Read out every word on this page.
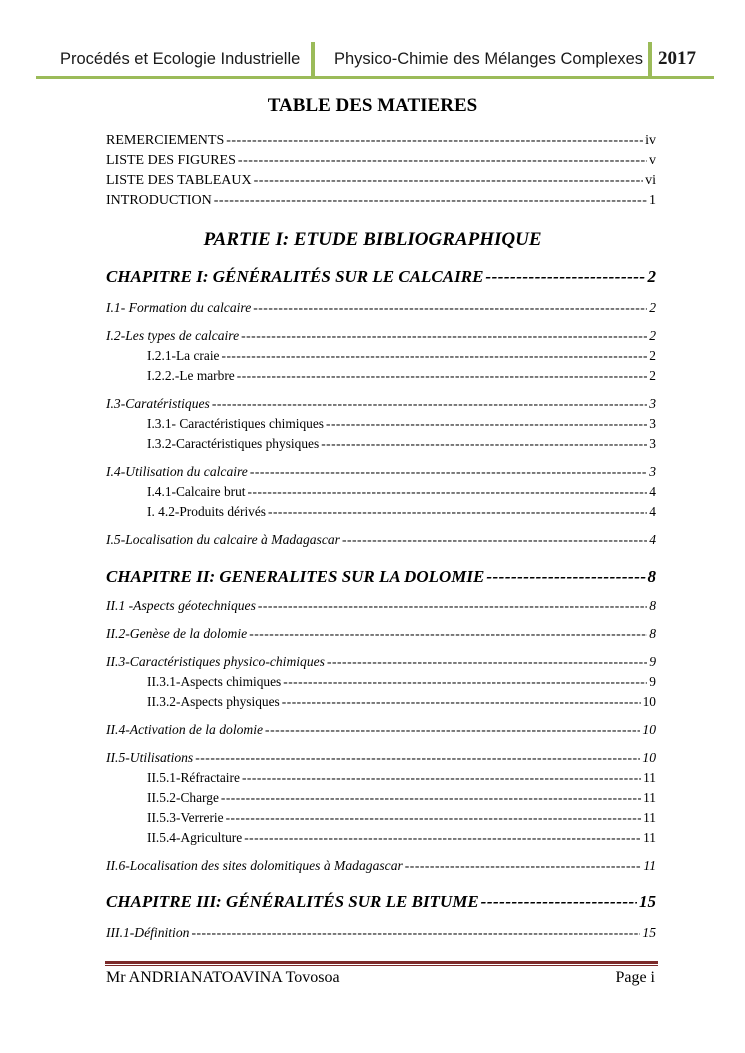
Procédés et Ecologie Industrielle Physico-Chimie des Mélanges Complexes 2017
TABLE DES MATIERES
REMERCIEMENTS -----	iv
LISTE DES FIGURES -----	v
LISTE DES TABLEAUX -----	vi
INTRODUCTION -----	1
PARTIE I: ETUDE BIBLIOGRAPHIQUE
CHAPITRE I: GÉNÉRALITÉS SUR LE CALCAIRE -----	2
I.1- Formation du calcaire -----	2
I.2-Les types de calcaire -----	2
I.2.1-La craie -----	2
I.2.2.-Le marbre -----	2
I.3-Caratéristiques -----	3
I.3.1- Caractéristiques chimiques -----	3
I.3.2-Caractéristiques physiques -----	3
I.4-Utilisation du calcaire -----	3
I.4.1-Calcaire brut -----	4
I. 4.2-Produits dérivés -----	4
I.5-Localisation du calcaire à Madagascar -----	4
CHAPITRE II: GENERALITES SUR LA DOLOMIE -----	8
II.1 -Aspects géotechniques -----	8
II.2-Genèse de la dolomie -----	8
II.3-Caractéristiques physico-chimiques -----	9
II.3.1-Aspects chimiques -----	9
II.3.2-Aspects physiques -----	10
II.4-Activation de la dolomie -----	10
II.5-Utilisations -----	10
II.5.1-Réfractaire -----	11
II.5.2-Charge -----	11
II.5.3-Verrerie -----	11
II.5.4-Agriculture -----	11
II.6-Localisation des sites dolomitiques à Madagascar -----	11
CHAPITRE III: GÉNÉRALITÉS SUR LE BITUME -----	15
III.1-Définition -----	15
Mr ANDRIANATOAVINA Tovosoa	Page i
